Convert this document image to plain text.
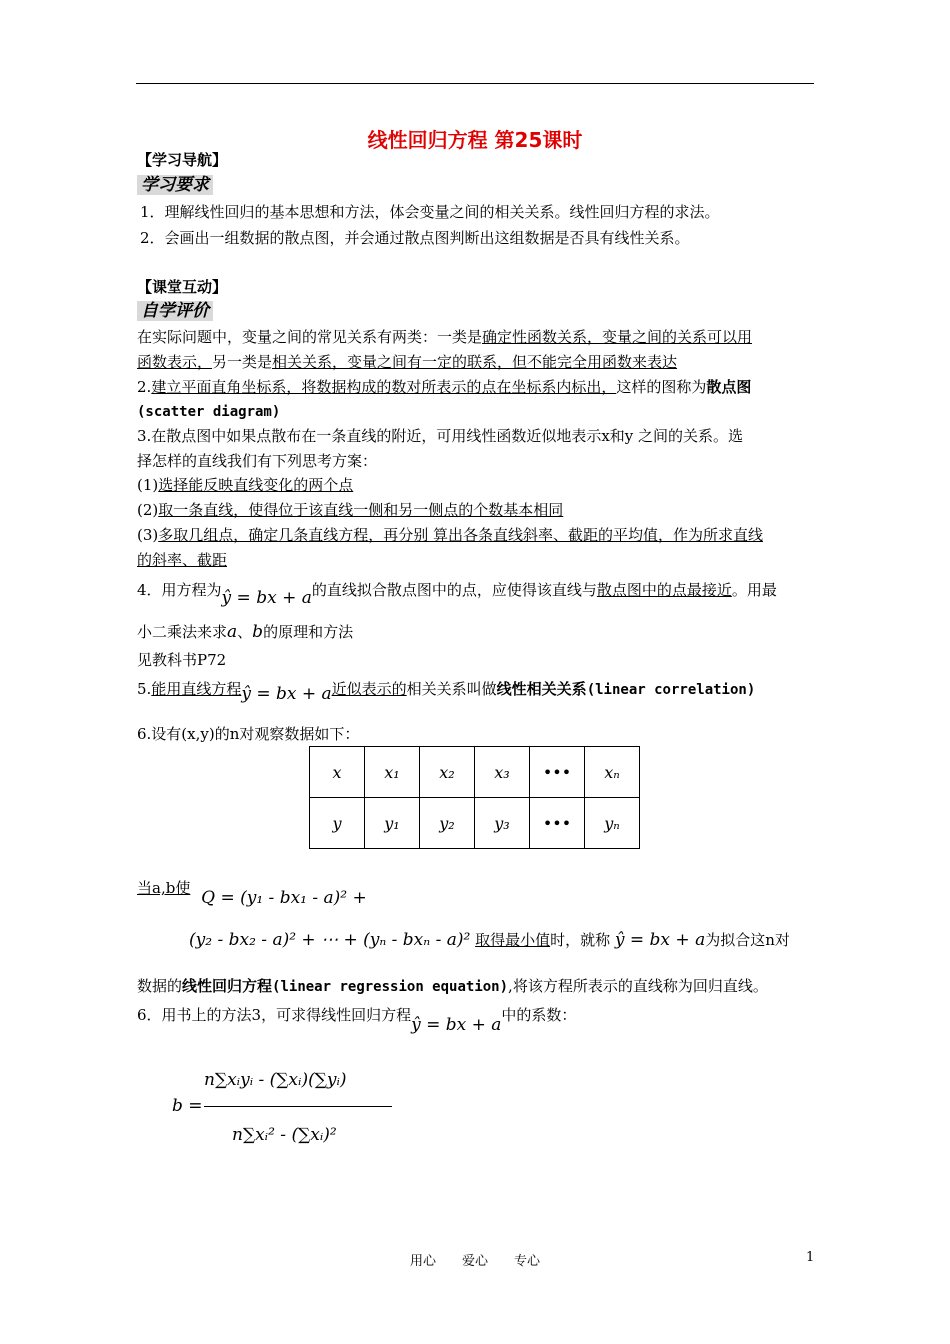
线性回归方程 第25课时
【学习导航】
学习要求
1．理解线性回归的基本思想和方法，体会变量之间的相关关系。线性回归方程的求法。
2．会画出一组数据的散点图，并会通过散点图判断出这组数据是否具有线性关系。
【课堂互动】
自学评价
在实际问题中，变量之间的常见关系有两类：一类是确定性函数关系，变量之间的关系可以用
函数表示，另一类是相关关系，变量之间有一定的联系，但不能完全用函数来表达
2.建立平面直角坐标系，将数据构成的数对所表示的点在坐标系内标出，这样的图称为散点图
(scatter diagram)
3.在散点图中如果点散布在一条直线的附近，可用线性函数近似地表示x和y 之间的关系。选
择怎样的直线我们有下列思考方案：
(1)选择能反映直线变化的两个点
(2)取一条直线，使得位于该直线一侧和另一侧点的个数基本相同
(3)多取几组点，确定几条直线方程，再分别 算出各条直线斜率、截距的平均值，作为所求直线
的斜率、截距
4．用方程为ŷ = bx + a的直线拟合散点图中的点，应使得该直线与散点图中的点最接近。用最
小二乘法来求a、b的原理和方法
见教科书P72
5.能用直线方程ŷ = bx + a近似表示的相关关系叫做线性相关关系(linear correlation)
6.设有(x,y)的n对观察数据如下：
x	x₁	x₂	x₃	•••	xₙ
y	y₁	y₂	y₃	•••	yₙ
当a,b使 Q = (y₁ - bx₁ - a)² +
(y₂ - bx₂ - a)² + ⋯ + (yₙ - bxₙ - a)² 取得最小值时，就称 ŷ = bx + a为拟合这n对
数据的线性回归方程(linear regression equation),将该方程所表示的直线称为回归直线。
6．用书上的方法3，可求得线性回归方程ŷ = bx + a中的系数：
b =
n∑xᵢyᵢ - (∑xᵢ)(∑yᵢ)
n∑xᵢ² - (∑xᵢ)²
用心　　爱心　　专心	1
